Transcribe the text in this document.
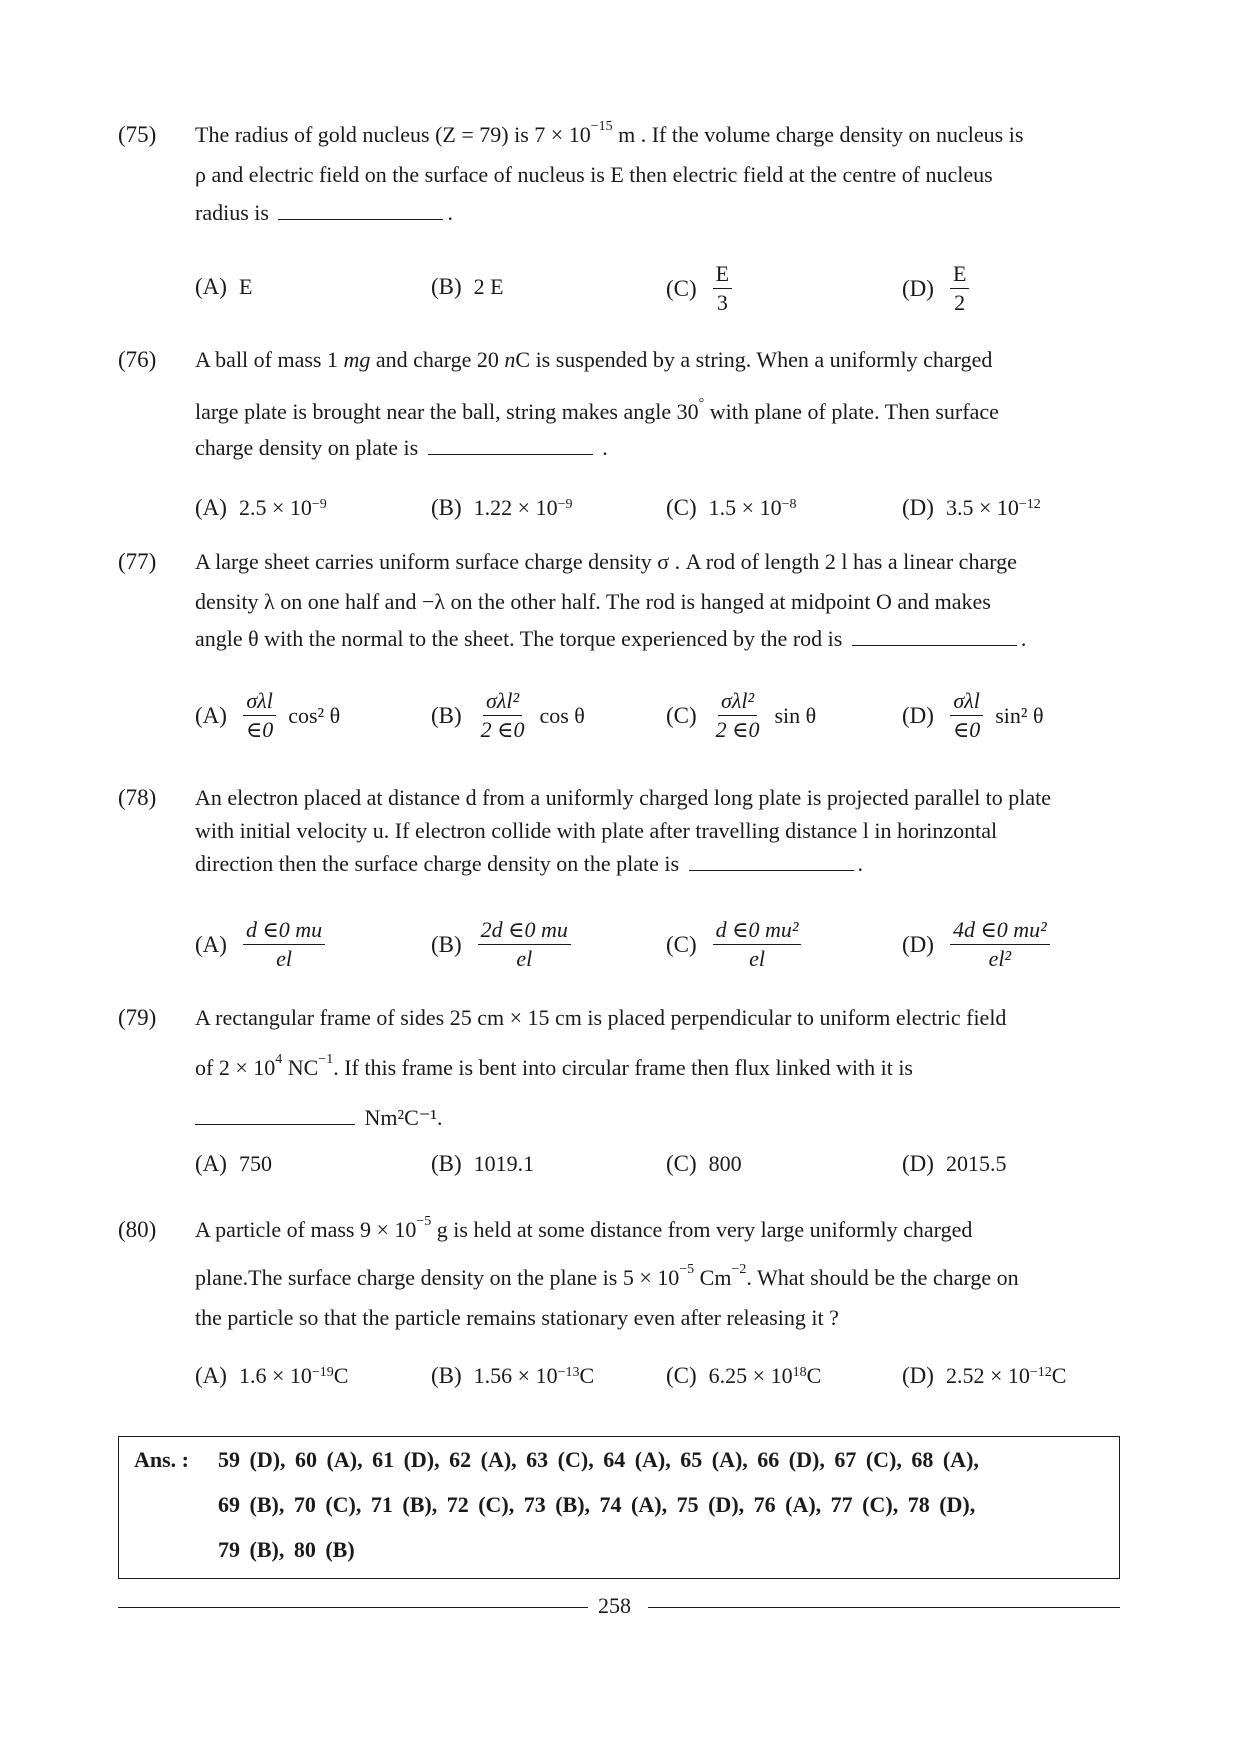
(75) The radius of gold nucleus (Z = 79) is $7 \times 10^{-15}$ m . If the volume charge density on nucleus is
ρ and electric field on the surface of nucleus is E then electric field at the centre of nucleus
radius is	.
(A) E	(B) 2 E	$(C) \frac{E}{3}$	$(D) \frac{E}{2}$
(76) A ball of mass 1 mg and charge 20 nC is suspended by a string. When a uniformly charged
large plate is brought near the ball, string makes angle 30° with plane of plate. Then surface
charge density on plate is	.
(A) $2.5 \times 10^{-9}$	(B) $1.22 \times 10^{-9}$	(C) $1.5 \times 10^{-8}$	(D) $3.5 \times 10^{-12}$
(77) A large sheet carries uniform surface charge density σ . A rod of length 2 l has a linear charge
density λ on one half and −λ on the other half. The rod is hanged at midpoint O and makes
angle θ with the normal to the sheet. The torque experienced by the rod is	.
$(A) \frac{\text{σλl}}{\in 0} \cos^2$ θ	$(B) \frac{\text{σλl²}}{2 \in 0}$ cos θ	$(C) \frac{\text{σλl²}}{2 \in 0}$ sin θ	$(D) \frac{\text{σλl}}{\in 0} \sin^2$ θ
(78) An electron placed at distance d from a uniformly charged long plate is projected parallel to plate
with initial velocity u. If electron collide with plate after travelling distance l in horinzontal
direction then the surface charge density on the plate is	.
$(A) \frac{d \in 0 mu}{el}$	$(B) \frac{2d \in 0 mu}{el}$	$(C) \frac{\text{d ∈0 mu²}}{el}$	$(D) \frac{\text{4d ∈0 mu²}}{\text{el²}}$
(79) A rectangular frame of sides 25 cm × 15 cm is placed perpendicular to uniform electric field
of $2 \times 10^4$ $NC^{-1}$. If this frame is bent into circular frame then flux linked with it is
Nm²C⁻¹.
(A) 750	(B) 1019.1	(C) 800	(D) 2015.5
(80) A particle of mass $9 \times 10^{-5}$ g is held at some distance from very large uniformly charged
plane.The surface charge density on the plane is $5 \times 10^{-5}$ $Cm^{-2}$. What should be the charge on
the particle so that the particle remains stationary even after releasing it ?
(A) $1.6 \times 10^{-19}$ C	(B) $1.56 \times 10^{-13}$ C	(C) $6.25 \times 10^{18}$ C	(D) $2.52 \times 10^{-12}$ C
Ans. : 59 (D), 60 (A), 61 (D), 62 (A), 63 (C), 64 (A), 65 (A), 66 (D), 67 (C), 68 (A),
69 (B), 70 (C), 71 (B), 72 (C), 73 (B), 74 (A), 75 (D), 76 (A), 77 (C), 78 (D),
79 (B), 80 (B)
258
